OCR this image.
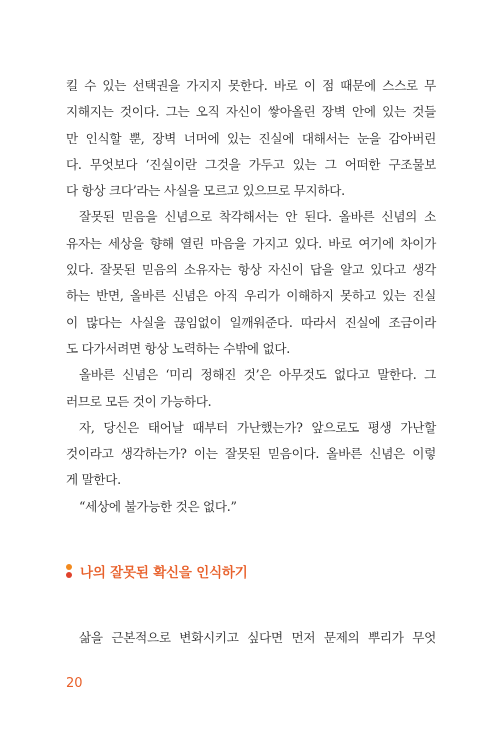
킬 수 있는 선택권을 가지지 못한다. 바로 이 점 때문에 스스로 무
지해지는 것이다. 그는 오직 자신이 쌓아올린 장벽 안에 있는 것들
만 인식할 뿐, 장벽 너머에 있는 진실에 대해서는 눈을 감아버린
다. 무엇보다 ‘진실이란 그것을 가두고 있는 그 어떠한 구조물보
다 항상 크다’라는 사실을 모르고 있으므로 무지하다.
잘못된 믿음을 신념으로 착각해서는 안 된다. 올바른 신념의 소
유자는 세상을 향해 열린 마음을 가지고 있다. 바로 여기에 차이가
있다. 잘못된 믿음의 소유자는 항상 자신이 답을 알고 있다고 생각
하는 반면, 올바른 신념은 아직 우리가 이해하지 못하고 있는 진실
이 많다는 사실을 끊임없이 일깨워준다. 따라서 진실에 조금이라
도 다가서려면 항상 노력하는 수밖에 없다.
올바른 신념은 ‘미리 정해진 것’은 아무것도 없다고 말한다. 그
러므로 모든 것이 가능하다.
자, 당신은 태어날 때부터 가난했는가? 앞으로도 평생 가난할
것이라고 생각하는가? 이는 잘못된 믿음이다. 올바른 신념은 이렇
게 말한다.
“세상에 불가능한 것은 없다.”
나의 잘못된 확신을 인식하기
삶을 근본적으로 변화시키고 싶다면 먼저 문제의 뿌리가 무엇
20
